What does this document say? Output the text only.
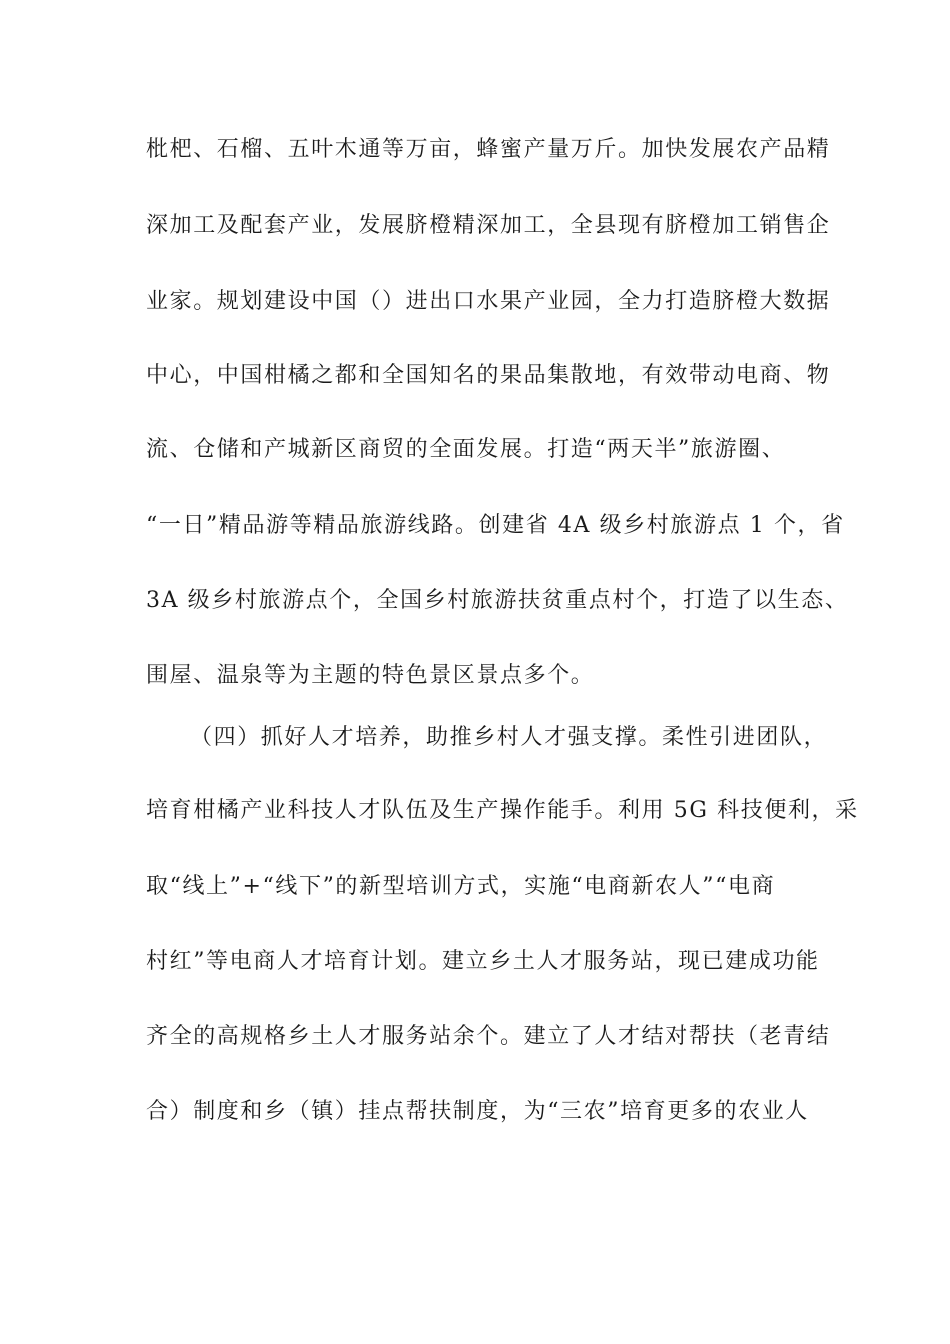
枇杷、石榴、五叶木通等万亩，蜂蜜产量万斤。加快发展农产品精
深加工及配套产业，发展脐橙精深加工，全县现有脐橙加工销售企
业家。规划建设中国（）进出口水果产业园，全力打造脐橙大数据
中心，中国柑橘之都和全国知名的果品集散地，有效带动电商、物
流、仓储和产城新区商贸的全面发展。打造“两天半”旅游圈、
“一日”精品游等精品旅游线路。创建省 4A 级乡村旅游点 1 个，省
3A 级乡村旅游点个，全国乡村旅游扶贫重点村个，打造了以生态、
围屋、温泉等为主题的特色景区景点多个。
（四）抓好人才培养，助推乡村人才强支撑。柔性引进团队，
培育柑橘产业科技人才队伍及生产操作能手。利用 5G 科技便利，采
取“线上”+“线下”的新型培训方式，实施“电商新农人”“电商
村红”等电商人才培育计划。建立乡土人才服务站，现已建成功能
齐全的高规格乡土人才服务站余个。建立了人才结对帮扶（老青结
合）制度和乡（镇）挂点帮扶制度，为“三农”培育更多的农业人
